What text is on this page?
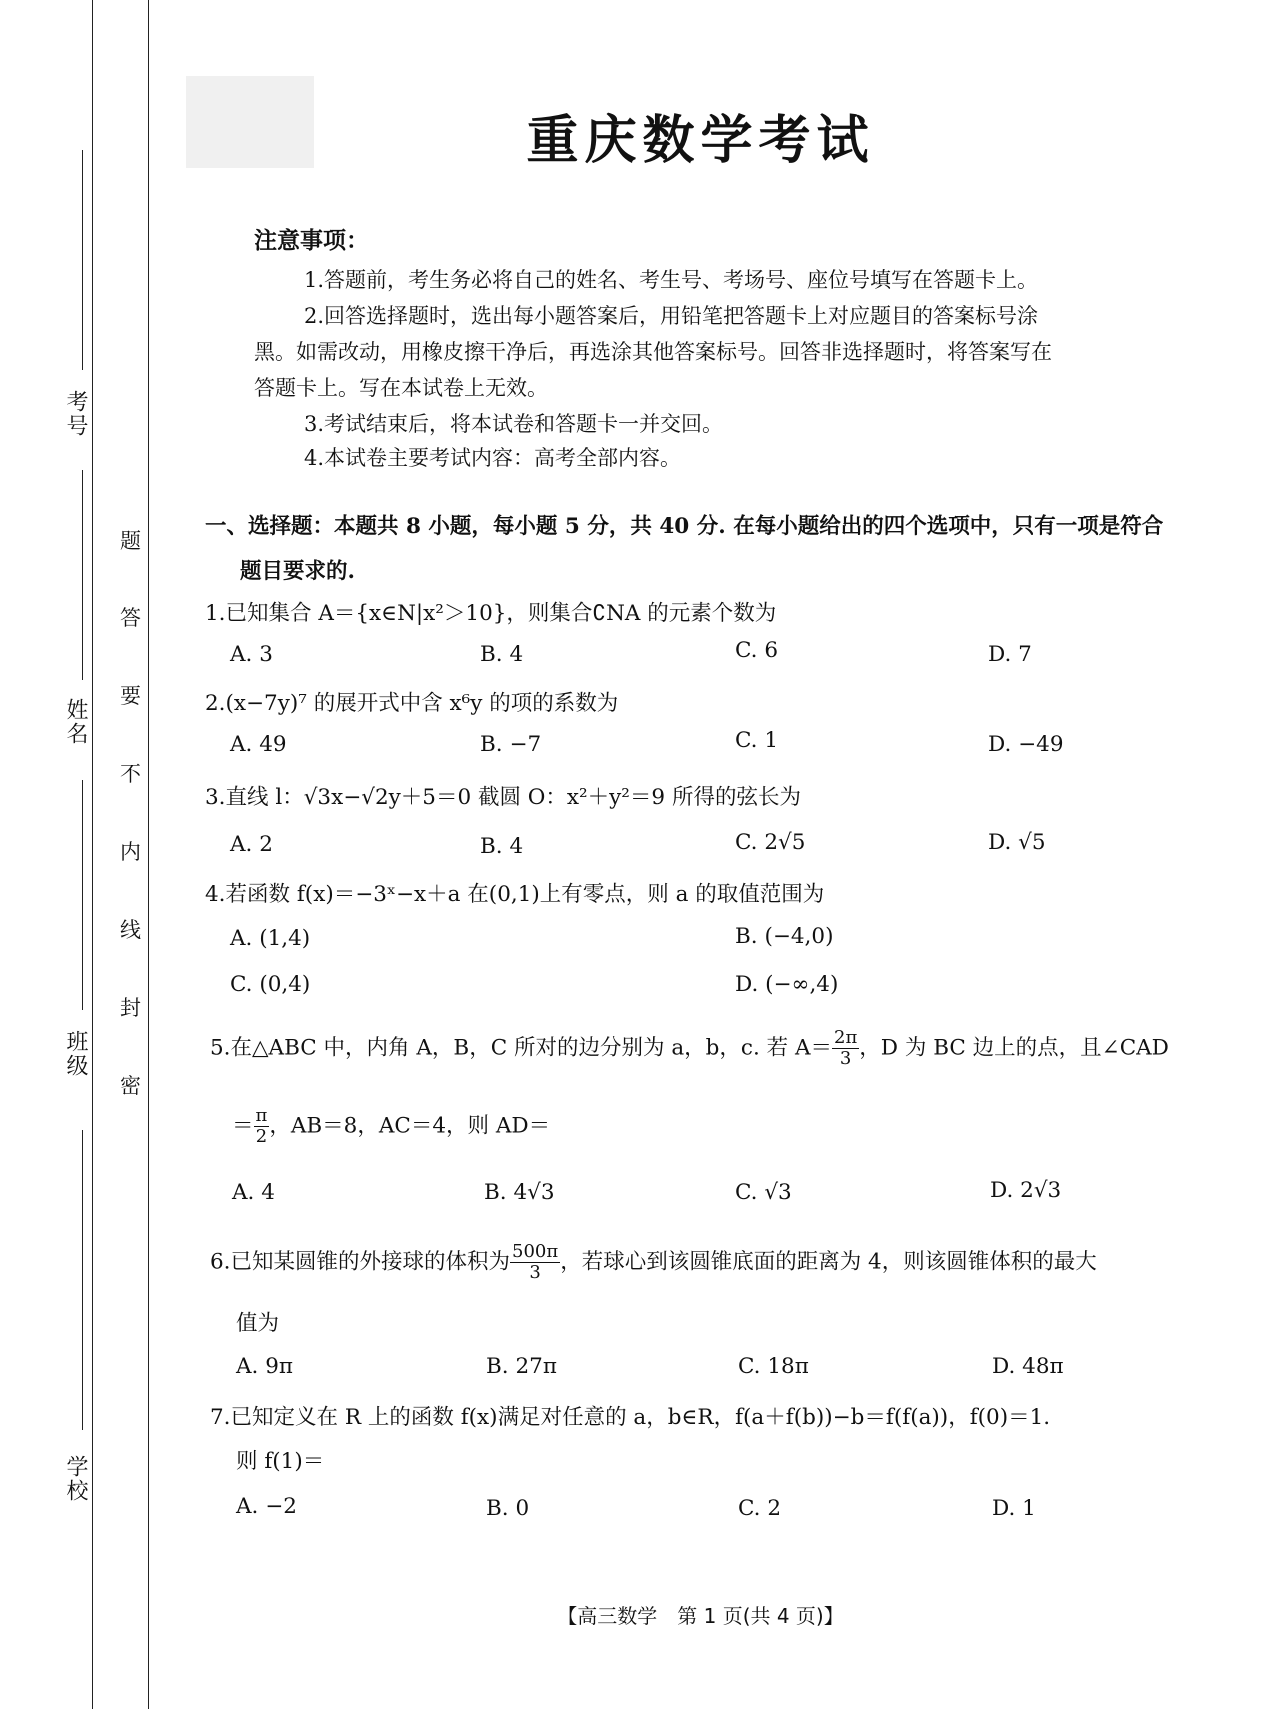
考号
姓名
班级
学校
题
答
要
不
内
线
封
密
重庆数学考试
注意事项：
1.答题前，考生务必将自己的姓名、考生号、考场号、座位号填写在答题卡上。
2.回答选择题时，选出每小题答案后，用铅笔把答题卡上对应题目的答案标号涂
黑。如需改动，用橡皮擦干净后，再选涂其他答案标号。回答非选择题时，将答案写在
答题卡上。写在本试卷上无效。
3.考试结束后，将本试卷和答题卡一并交回。
4.本试卷主要考试内容：高考全部内容。
一、选择题：本题共 8 小题，每小题 5 分，共 40 分. 在每小题给出的四个选项中，只有一项是符合
题目要求的.
1.已知集合 A＝{x∈N|x²＞10}，则集合∁NA 的元素个数为
A. 3	B. 4	C. 6	D. 7
2.(x−7y)⁷ 的展开式中含 x⁶y 的项的系数为
A. 49	B. −7	C. 1	D. −49
3.直线 l：√3x−√2y＋5＝0 截圆 O：x²＋y²＝9 所得的弦长为
A. 2	B. 4	C. 2√5	D. √5
4.若函数 f(x)＝−3ˣ−x＋a 在(0,1)上有零点，则 a 的取值范围为
A. (1,4)	B. (−4,0)
C. (0,4)	D. (−∞,4)
5.在△ABC 中，内角 A，B，C 所对的边分别为 a，b，c. 若 $A= \frac{2\pi}{3}$ ，D 为 BC 边上的点，且∠CAD
＝ $\frac{\pi}{2}$ ，AB＝8，AC＝4，则 AD＝
A. 4	B. 4√3	C. √3	D. 2√3
6.已知某圆锥的外接球的体积为 $\frac{500\pi}{3}$ ，若球心到该圆锥底面的距离为 4，则该圆锥体积的最大
值为
A. 9π	B. 27π	C. 18π	D. 48π
7.已知定义在 R 上的函数 f(x)满足对任意的 a，b∈R，f(a＋f(b))−b＝f(f(a))，f(0)＝1.
则 f(1)＝
A. −2	B. 0	C. 2	D. 1
【高三数学　第 1 页(共 4 页)】
